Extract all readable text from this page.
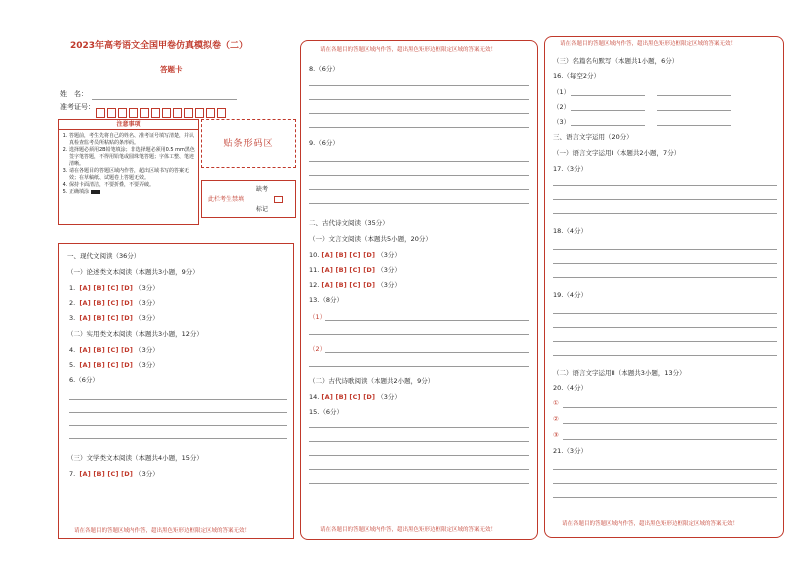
2023年高考语文全国甲卷仿真模拟卷（二）
答题卡
姓　名：
准考证号：
注意事项
1. 答题前，考生先将自己的姓名、准考证号填写清楚，并认真检查监考员所粘贴的条形码。
2. 选择题必须用2B铅笔填涂；非选择题必须用0.5 mm黑色签字笔答题，不得用铅笔或圆珠笔答题；字体工整、笔迹清晰。
3. 请在各题目的答题区域内作答，超出区域书写的答案无效；在草稿纸、试题卷上答题无效。
4. 保持卡面清洁，不要折叠，不要弄破。
5. 正确填涂
贴条形码区
此栏考生禁填
缺考
标记
一、现代文阅读（36分）
（一）论述类文本阅读（本题共3小题，9分）
1. [A] [B] [C] [D] （3分）
2. [A] [B] [C] [D] （3分）
3. [A] [B] [C] [D] （3分）
（二）实用类文本阅读（本题共3小题，12分）
4. [A] [B] [C] [D] （3分）
5. [A] [B] [C] [D] （3分）
6.（6分）
（三）文学类文本阅读（本题共4小题，15分）
7. [A] [B] [C] [D] （3分）
请在各题目的答题区域内作答，超出黑色矩形边框限定区域的答案无效！
8.（6分）
9.（6分）
二、古代诗文阅读（35分）
（一）文言文阅读（本题共5小题，20分）
10. [A] [B] [C] [D] （3分）
11. [A] [B] [C] [D] （3分）
12. [A] [B] [C] [D] （3分）
13.（8分）
（1）
（2）
（二）古代诗歌阅读（本题共2小题，9分）
14. [A] [B] [C] [D] （3分）
15.（6分）
请在各题目的答题区域内作答，超出黑色矩形边框限定区域的答案无效！
请在各题目的答题区域内作答，超出黑色矩形边框限定区域的答案无效！
（三）名篇名句默写（本题共1小题，6分）
16.（每空2分）
（1）
（2）
（3）
三、语言文字运用（20分）
（一）语言文字运用Ⅰ（本题共2小题，7分）
17.（3分）
18.（4分）
19.（4分）
（二）语言文字运用Ⅱ（本题共3小题，13分）
20.（4分）
①
②
③
21.（3分）
请在各题目的答题区域内作答，超出黑色矩形边框限定区域的答案无效！
请在各题目的答题区域内作答，超出黑色矩形边框限定区域的答案无效！
